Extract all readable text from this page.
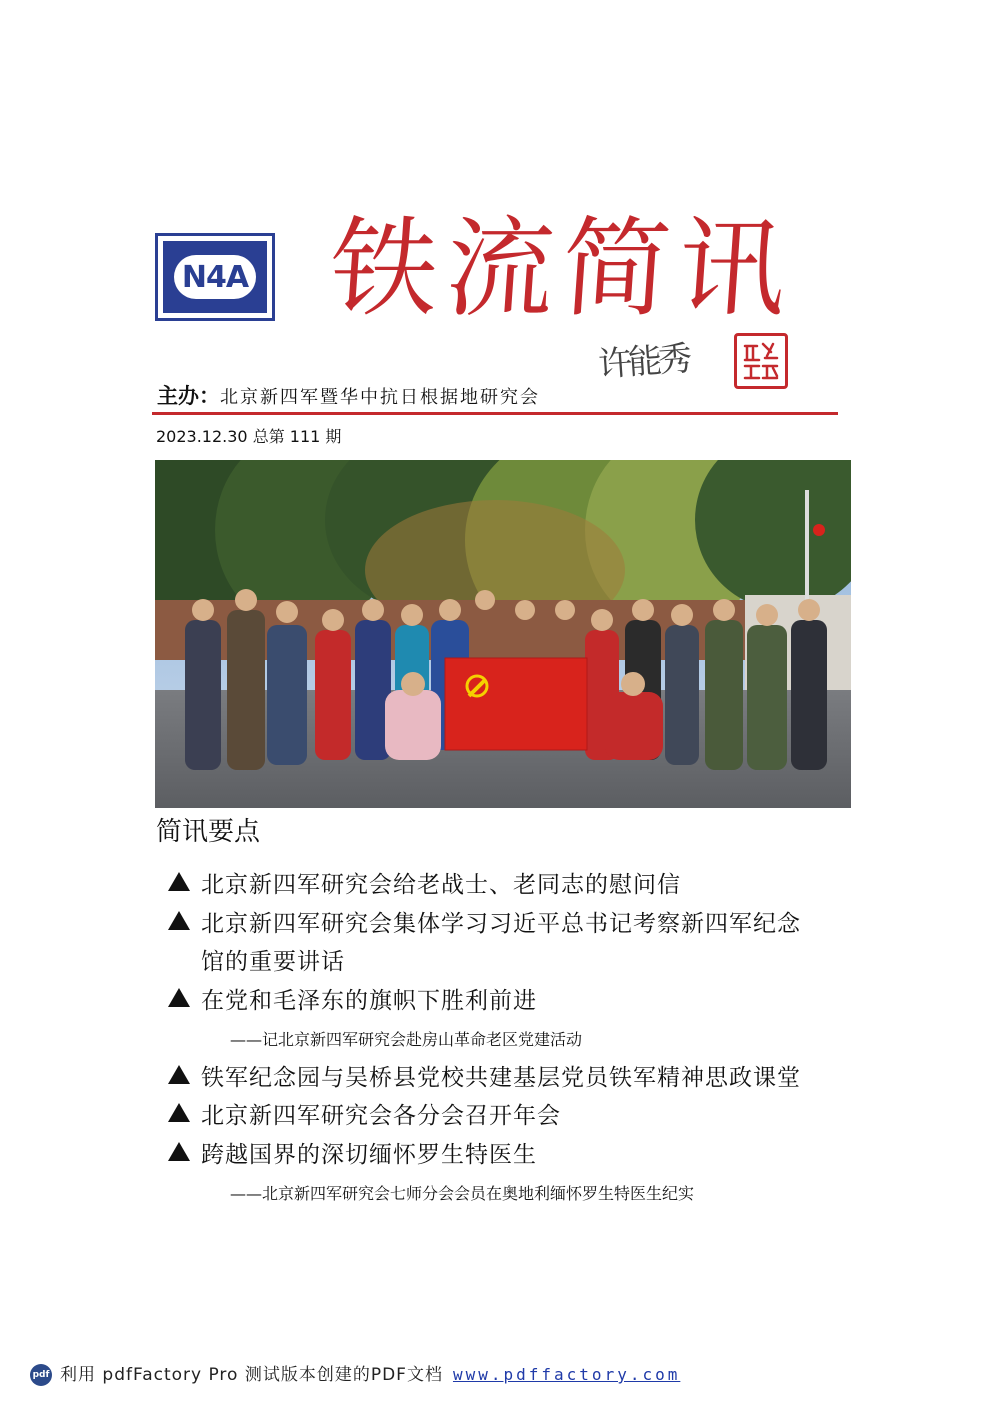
N4A 铁流简讯
许能秀
主办：北京新四军暨华中抗日根据地研究会
2023.12.30 总第 111 期
简讯要点
北京新四军研究会给老战士、老同志的慰问信
北京新四军研究会集体学习习近平总书记考察新四军纪念
馆的重要讲话
在党和毛泽东的旗帜下胜利前进
——记北京新四军研究会赴房山革命老区党建活动
铁军纪念园与吴桥县党校共建基层党员铁军精神思政课堂
北京新四军研究会各分会召开年会
跨越国界的深切缅怀罗生特医生
——北京新四军研究会七师分会会员在奥地利缅怀罗生特医生纪实
pdf 利用 pdfFactory Pro 测试版本创建的PDF文档 www.pdffactory.com
